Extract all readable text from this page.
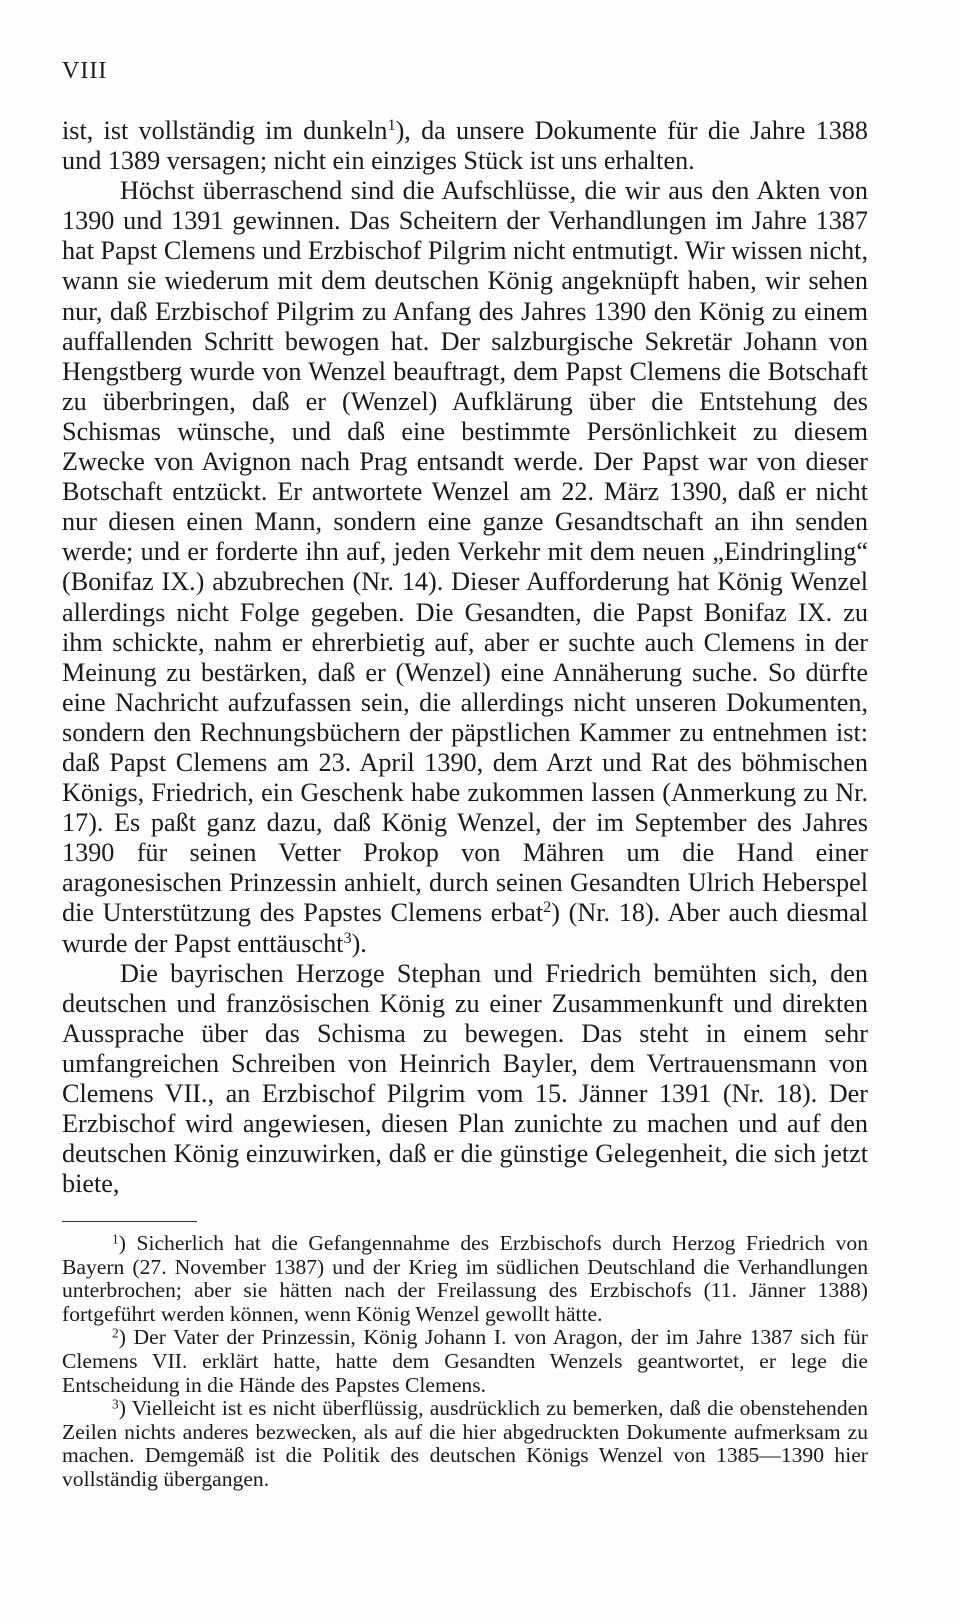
VIII

ist, ist vollständig im dunkeln$^1$), da unsere Dokumente für die Jahre 1388 und 1389 versagen; nicht ein einziges Stück ist uns erhalten.

Höchst überraschend sind die Aufschlüsse, die wir aus den Akten von 1390 und 1391 gewinnen. Das Scheitern der Verhandlungen im Jahre 1387 hat Papst Clemens und Erzbischof Pilgrim nicht entmutigt. Wir wissen nicht, wann sie wiederum mit dem deutschen König angeknüpft haben, wir sehen nur, daß Erzbischof Pilgrim zu Anfang des Jahres 1390 den König zu einem auffallenden Schritt bewogen hat. Der salzburgische Sekretär Johann von Hengstberg wurde von Wenzel beauftragt, dem Papst Clemens die Botschaft zu überbringen, daß er (Wenzel) Aufklärung über die Entstehung des Schismas wünsche, und daß eine bestimmte Persönlichkeit zu diesem Zwecke von Avignon nach Prag entsandt werde. Der Papst war von dieser Botschaft entzückt. Er antwortete Wenzel am 22. März 1390, daß er nicht nur diesen einen Mann, sondern eine ganze Gesandtschaft an ihn senden werde; und er forderte ihn auf, jeden Verkehr mit dem neuen „Eindringling“ (Bonifaz IX.) abzubrechen (Nr. 14). Dieser Aufforderung hat König Wenzel allerdings nicht Folge gegeben. Die Gesandten, die Papst Bonifaz IX. zu ihm schickte, nahm er ehrerbietig auf, aber er suchte auch Clemens in der Meinung zu bestärken, daß er (Wenzel) eine Annäherung suche. So dürfte eine Nachricht aufzufassen sein, die allerdings nicht unseren Dokumenten, sondern den Rechnungsbüchern der päpstlichen Kammer zu entnehmen ist: daß Papst Clemens am 23. April 1390, dem Arzt und Rat des böhmischen Königs, Friedrich, ein Geschenk habe zukommen lassen (Anmerkung zu Nr. 17). Es paßt ganz dazu, daß König Wenzel, der im September des Jahres 1390 für seinen Vetter Prokop von Mähren um die Hand einer aragonesischen Prinzessin anhielt, durch seinen Gesandten Ulrich Heberspel die Unterstützung des Papstes Clemens erbat$^2$) (Nr. 18). Aber auch diesmal wurde der Papst enttäuscht$^3$).

Die bayrischen Herzoge Stephan und Friedrich bemühten sich, den deutschen und französischen König zu einer Zusammenkunft und direkten Aussprache über das Schisma zu bewegen. Das steht in einem sehr umfangreichen Schreiben von Heinrich Bayler, dem Vertrauensmann von Clemens VII., an Erzbischof Pilgrim vom 15. Jänner 1391 (Nr. 18). Der Erzbischof wird angewiesen, diesen Plan zunichte zu machen und auf den deutschen König einzuwirken, daß er die günstige Gelegenheit, die sich jetzt biete,

$^1$) Sicherlich hat die Gefangennahme des Erzbischofs durch Herzog Friedrich von Bayern (27. November 1387) und der Krieg im südlichen Deutschland die Verhandlungen unterbrochen; aber sie hätten nach der Freilassung des Erzbischofs (11. Jänner 1388) fortgeführt werden können, wenn König Wenzel gewollt hätte.

$^2$) Der Vater der Prinzessin, König Johann I. von Aragon, der im Jahre 1387 sich für Clemens VII. erklärt hatte, hatte dem Gesandten Wenzels geantwortet, er lege die Entscheidung in die Hände des Papstes Clemens.

$^3$) Vielleicht ist es nicht überflüssig, ausdrücklich zu bemerken, daß die obenstehenden Zeilen nichts anderes bezwecken, als auf die hier abgedruckten Dokumente aufmerksam zu machen. Demgemäß ist die Politik des deutschen Königs Wenzel von 1385—1390 hier vollständig übergangen.
